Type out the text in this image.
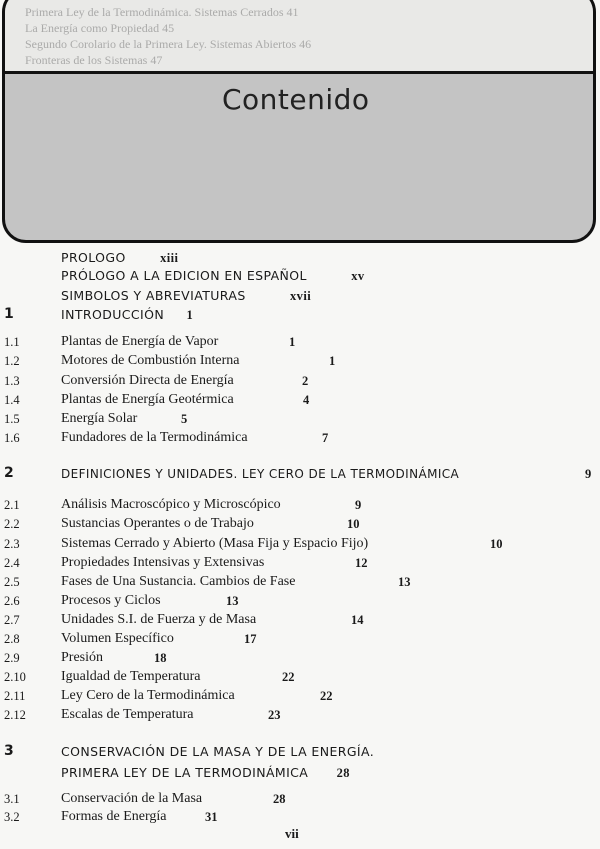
Primera Ley de la Termodinámica. Sistemas Cerrados 41
La Energía como Propiedad 45
Segundo Corolario de la Primera Ley. Sistemas Abiertos 46
Fronteras de los Sistemas 47
Contenido
PROLOGO	xiii
PRÓLOGO A LA EDICION EN ESPAÑOL	xv
SIMBOLOS Y ABREVIATURAS	xvii
1	INTRODUCCIÓN 1
1.1	Plantas de Energía de Vapor	1
1.2	Motores de Combustión Interna	1
1.3	Conversión Directa de Energía	2
1.4	Plantas de Energía Geotérmica	4
1.5	Energía Solar	5
1.6	Fundadores de la Termodinámica	7
2	DEFINICIONES Y UNIDADES. LEY CERO DE LA TERMODINÁMICA	9
2.1	Análisis Macroscópico y Microscópico	9
2.2	Sustancias Operantes o de Trabajo	10
2.3	Sistemas Cerrado y Abierto (Masa Fija y Espacio Fijo)	10
2.4	Propiedades Intensivas y Extensivas	12
2.5	Fases de Una Sustancia. Cambios de Fase	13
2.6	Procesos y Ciclos	13
2.7	Unidades S.I. de Fuerza y de Masa	14
2.8	Volumen Específico	17
2.9	Presión	18
2.10	Igualdad de Temperatura	22
2.11	Ley Cero de la Termodinámica	22
2.12	Escalas de Temperatura	23
3	CONSERVACIÓN DE LA MASA Y DE LA ENERGÍA.
PRIMERA LEY DE LA TERMODINÁMICA 28
3.1	Conservación de la Masa	28
3.2	Formas de Energía	31
vii
